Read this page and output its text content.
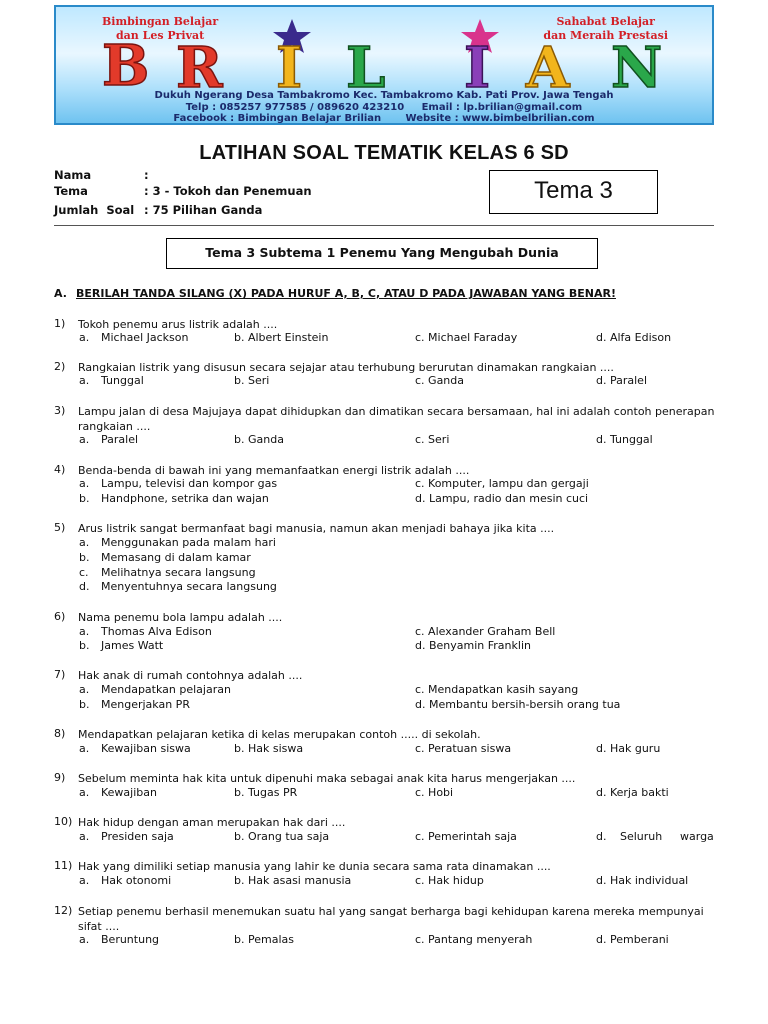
Bimbingan Belajar
dan Les Privat
Sahabat Belajar
dan Meraih Prestasi
B R I L I A N
Dukuh Ngerang Desa Tambakromo Kec. Tambakromo Kab. Pati Prov. Jawa Tengah
Telp : 085257 977585 / 089620 423210     Email : lp.brilian@gmail.com
Facebook : Bimbingan Belajar Brilian       Website : www.bimbelbrilian.com
LATIHAN SOAL TEMATIK KELAS 6 SD
Nama	:
Tema	: 3 - Tokoh dan Penemuan
Jumlah  Soal : 75 Pilihan Ganda
Tema 3
Tema 3 Subtema 1 Penemu Yang Mengubah Dunia
A. BERILAH TANDA SILANG (X) PADA HURUF A, B, C, ATAU D PADA JAWABAN YANG BENAR!
1) Tokoh penemu arus listrik adalah ....
a. Michael Jackson	b. Albert Einstein	c. Michael Faraday	d. Alfa Edison
2) Rangkaian listrik yang disusun secara sejajar atau terhubung berurutan dinamakan rangkaian ....
a. Tunggal	b. Seri	c. Ganda	d. Paralel
3) Lampu jalan di desa Majujaya dapat dihidupkan dan dimatikan secara bersamaan, hal ini adalah contoh penerapan rangkaian ....
a. Paralel	b. Ganda	c. Seri	d. Tunggal
4) Benda-benda di bawah ini yang memanfaatkan energi listrik adalah ....
a. Lampu, televisi dan kompor gas
b. Handphone, setrika dan wajan
c. Komputer, lampu dan gergaji
d. Lampu, radio dan mesin cuci
5) Arus listrik sangat bermanfaat bagi manusia, namun akan menjadi bahaya jika kita ....
a. Menggunakan pada malam hari
b. Memasang di dalam kamar
c. Melihatnya secara langsung
d. Menyentuhnya secara langsung
6) Nama penemu bola lampu adalah ....
a. Thomas Alva Edison
b. James Watt
c. Alexander Graham Bell
d. Benyamin Franklin
7) Hak anak di rumah contohnya adalah ....
a. Mendapatkan pelajaran
b. Mengerjakan PR
c. Mendapatkan kasih sayang
d. Membantu bersih-bersih orang tua
8) Mendapatkan pelajaran ketika di kelas merupakan contoh ..... di sekolah.
a. Kewajiban siswa	b. Hak siswa	c. Peratuan siswa	d. Hak guru
9) Sebelum meminta hak kita untuk dipenuhi maka sebagai anak kita harus mengerjakan ....
a. Kewajiban	b. Tugas PR	c. Hobi	d. Kerja bakti
10) Hak hidup dengan aman merupakan hak dari ....
a. Presiden saja	b. Orang tua saja	c. Pemerintah saja	d. Seluruh warga
11) Hak yang dimiliki setiap manusia yang lahir ke dunia secara sama rata dinamakan ....
a. Hak otonomi	b. Hak asasi manusia	c. Hak hidup	d. Hak individual
12) Setiap penemu berhasil menemukan suatu hal yang sangat berharga bagi kehidupan karena mereka mempunyai sifat ....
a. Beruntung	b. Pemalas	c. Pantang menyerah	d. Pemberani
